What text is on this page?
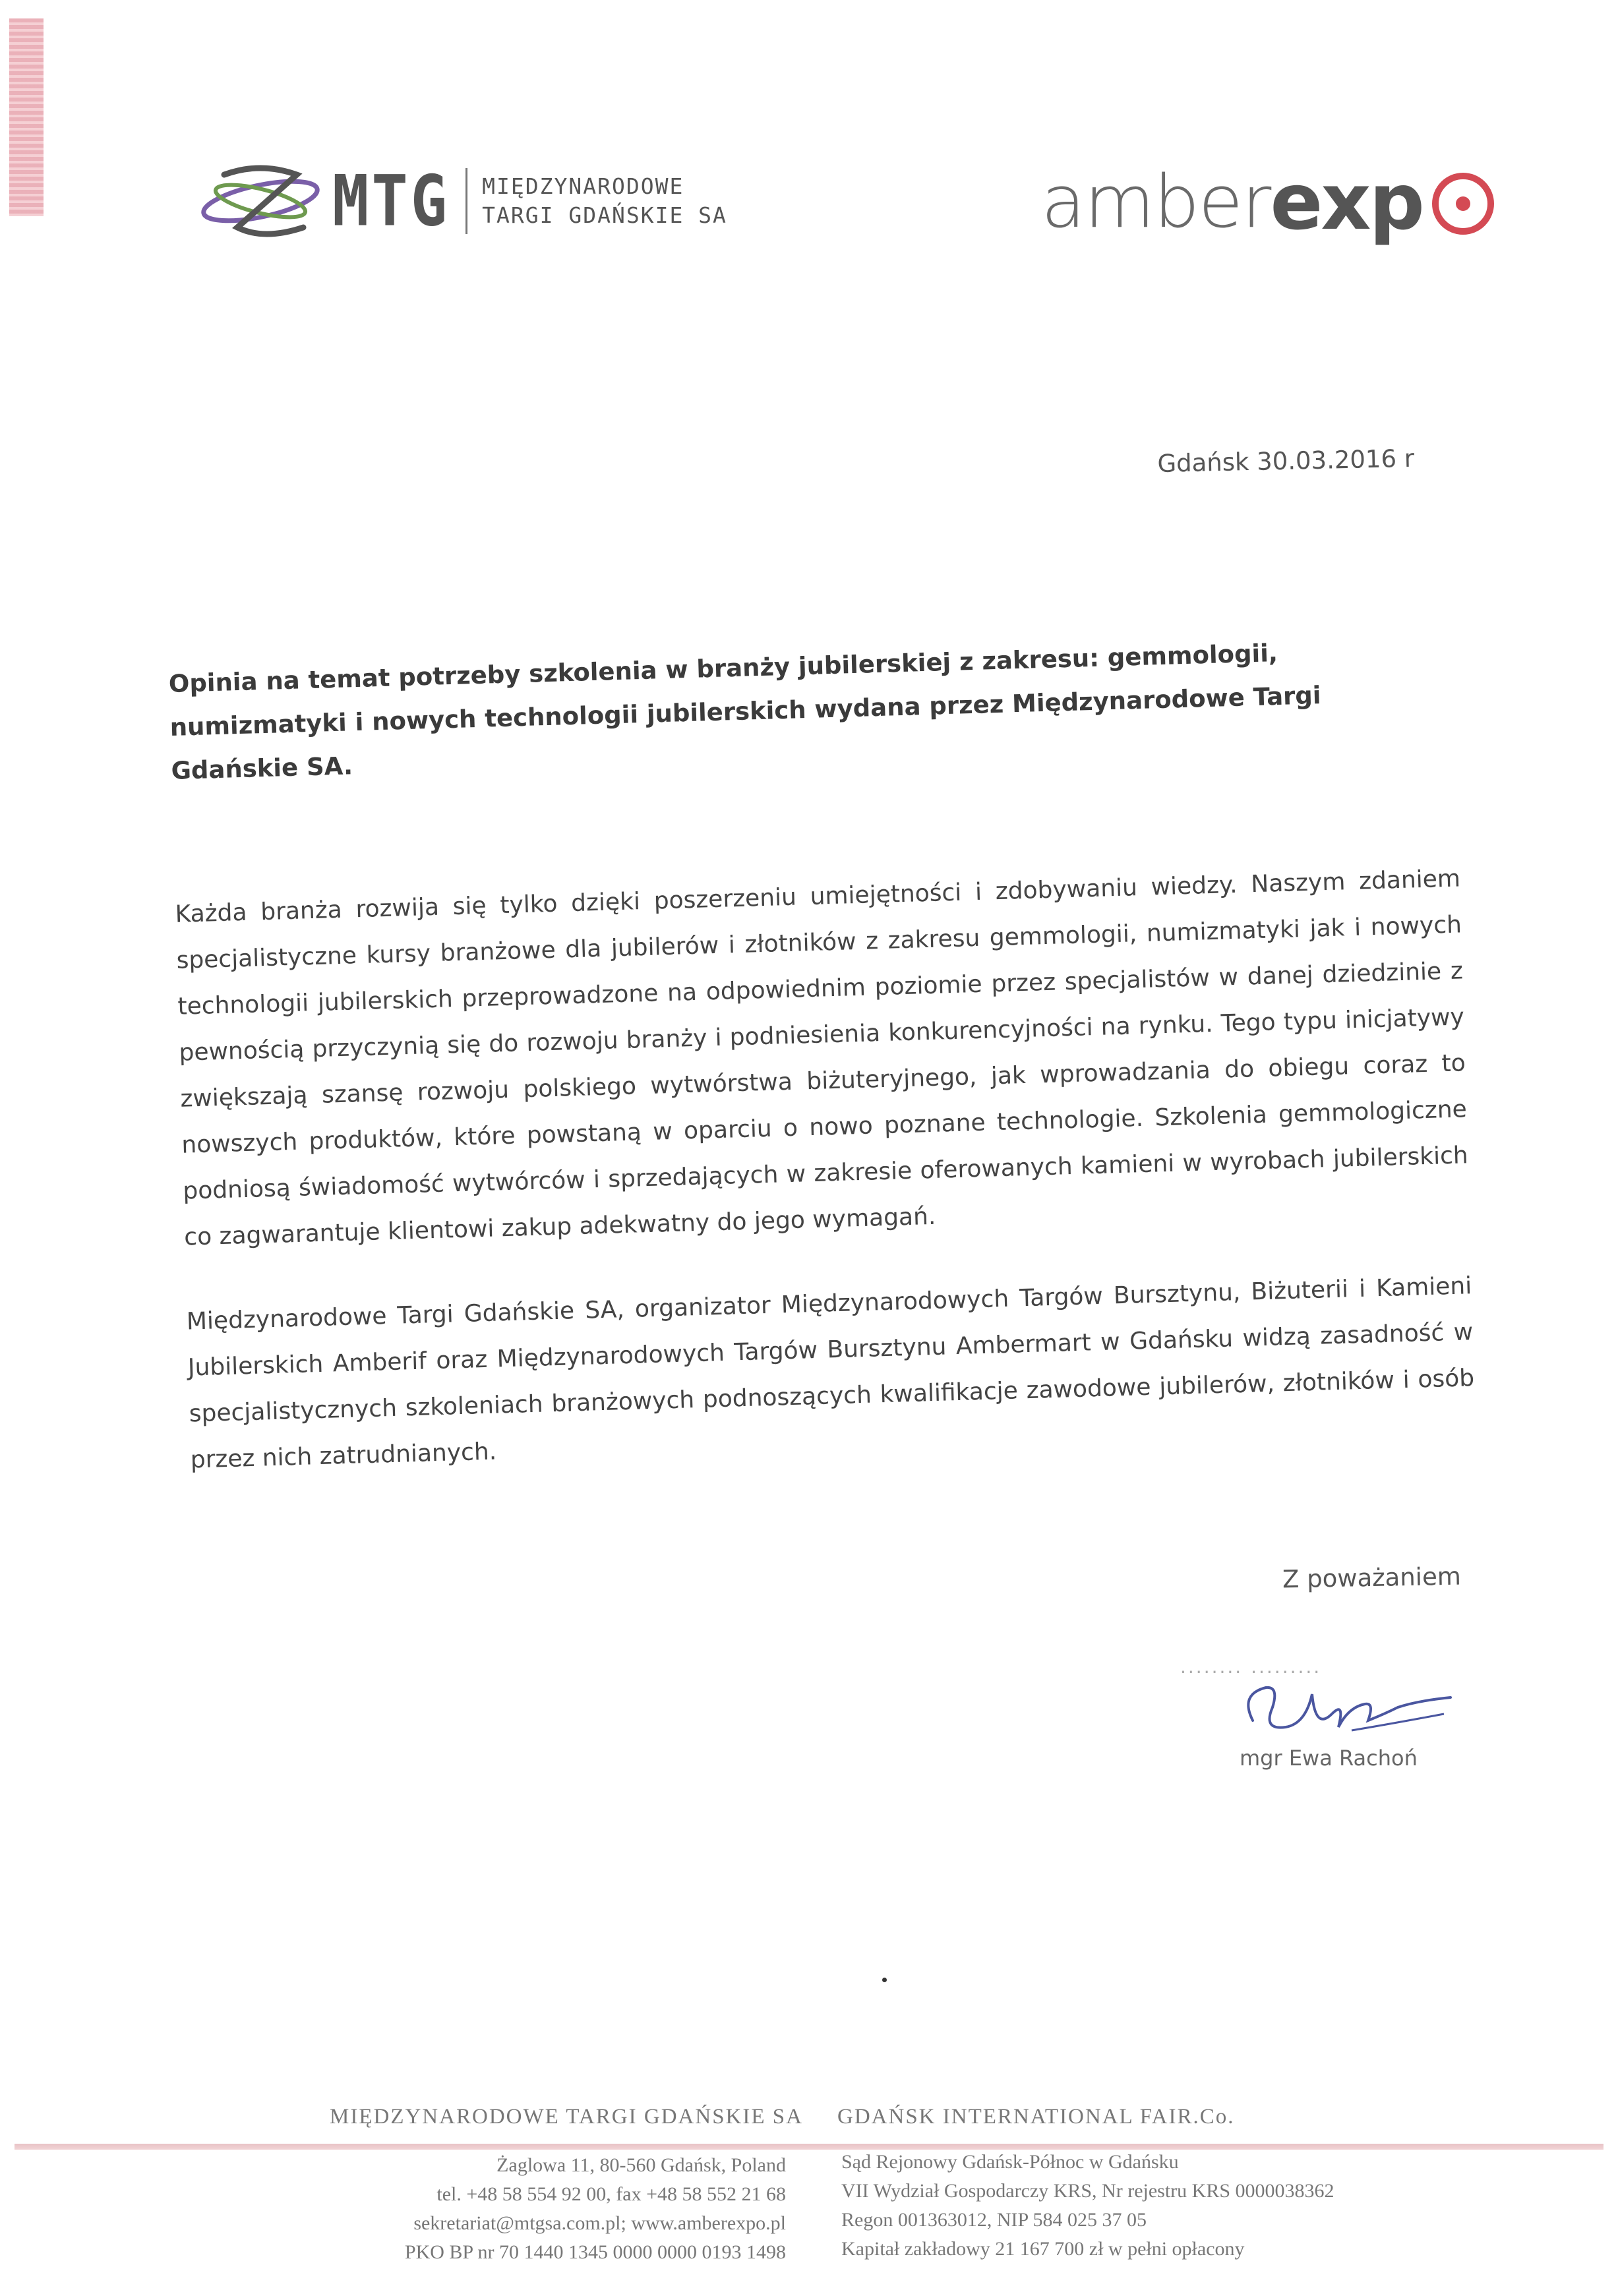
MTG MIĘDZYNARODOWE
TARGI GDAŃSKIE SA	amber exp
Gdańsk 30.03.2016 r
Opinia na temat potrzeby szkolenia w branży jubilerskiej z zakresu: gemmologii, numizmatyki i nowych technologii jubilerskich wydana przez Międzynarodowe Targi Gdańskie SA.

Każda branża rozwija się tylko dzięki poszerzeniu umiejętności i zdobywaniu wiedzy. Naszym zdaniem specjalistyczne kursy branżowe dla jubilerów i złotników z zakresu gemmologii, numizmatyki jak i nowych technologii jubilerskich przeprowadzone na odpowiednim poziomie przez specjalistów w danej dziedzinie z pewnością przyczynią się do rozwoju branży i podniesienia konkurencyjności na rynku. Tego typu inicjatywy zwiększają szansę rozwoju polskiego wytwórstwa biżuteryjnego, jak wprowadzania do obiegu coraz to nowszych produktów, które powstaną w oparciu o nowo poznane technologie. Szkolenia gemmologiczne podniosą świadomość wytwórców i sprzedających w zakresie oferowanych kamieni w wyrobach jubilerskich co zagwarantuje klientowi zakup adekwatny do jego wymagań.

Międzynarodowe Targi Gdańskie SA, organizator Międzynarodowych Targów Bursztynu, Biżuterii i Kamieni Jubilerskich Amberif oraz Międzynarodowych Targów Bursztynu Ambermart w Gdańsku widzą zasadność w specjalistycznych szkoleniach branżowych podnoszących kwalifikacje zawodowe jubilerów, złotników i osób przez nich zatrudnianych.

Z poważaniem
········ ·········
mgr Ewa Rachoń
MIĘDZYNARODOWE TARGI GDAŃSKIE SA GDAŃSK INTERNATIONAL FAIR.Co.
Żaglowa 11, 80-560 Gdańsk, Poland
tel. +48 58 554 92 00, fax +48 58 552 21 68
sekretariat@mtgsa.com.pl; www.amberexpo.pl
PKO BP nr 70 1440 1345 0000 0000 0193 1498
Sąd Rejonowy Gdańsk-Północ w Gdańsku
VII Wydział Gospodarczy KRS, Nr rejestru KRS 0000038362
Regon 001363012, NIP 584 025 37 05
Kapitał zakładowy 21 167 700 zł w pełni opłacony
